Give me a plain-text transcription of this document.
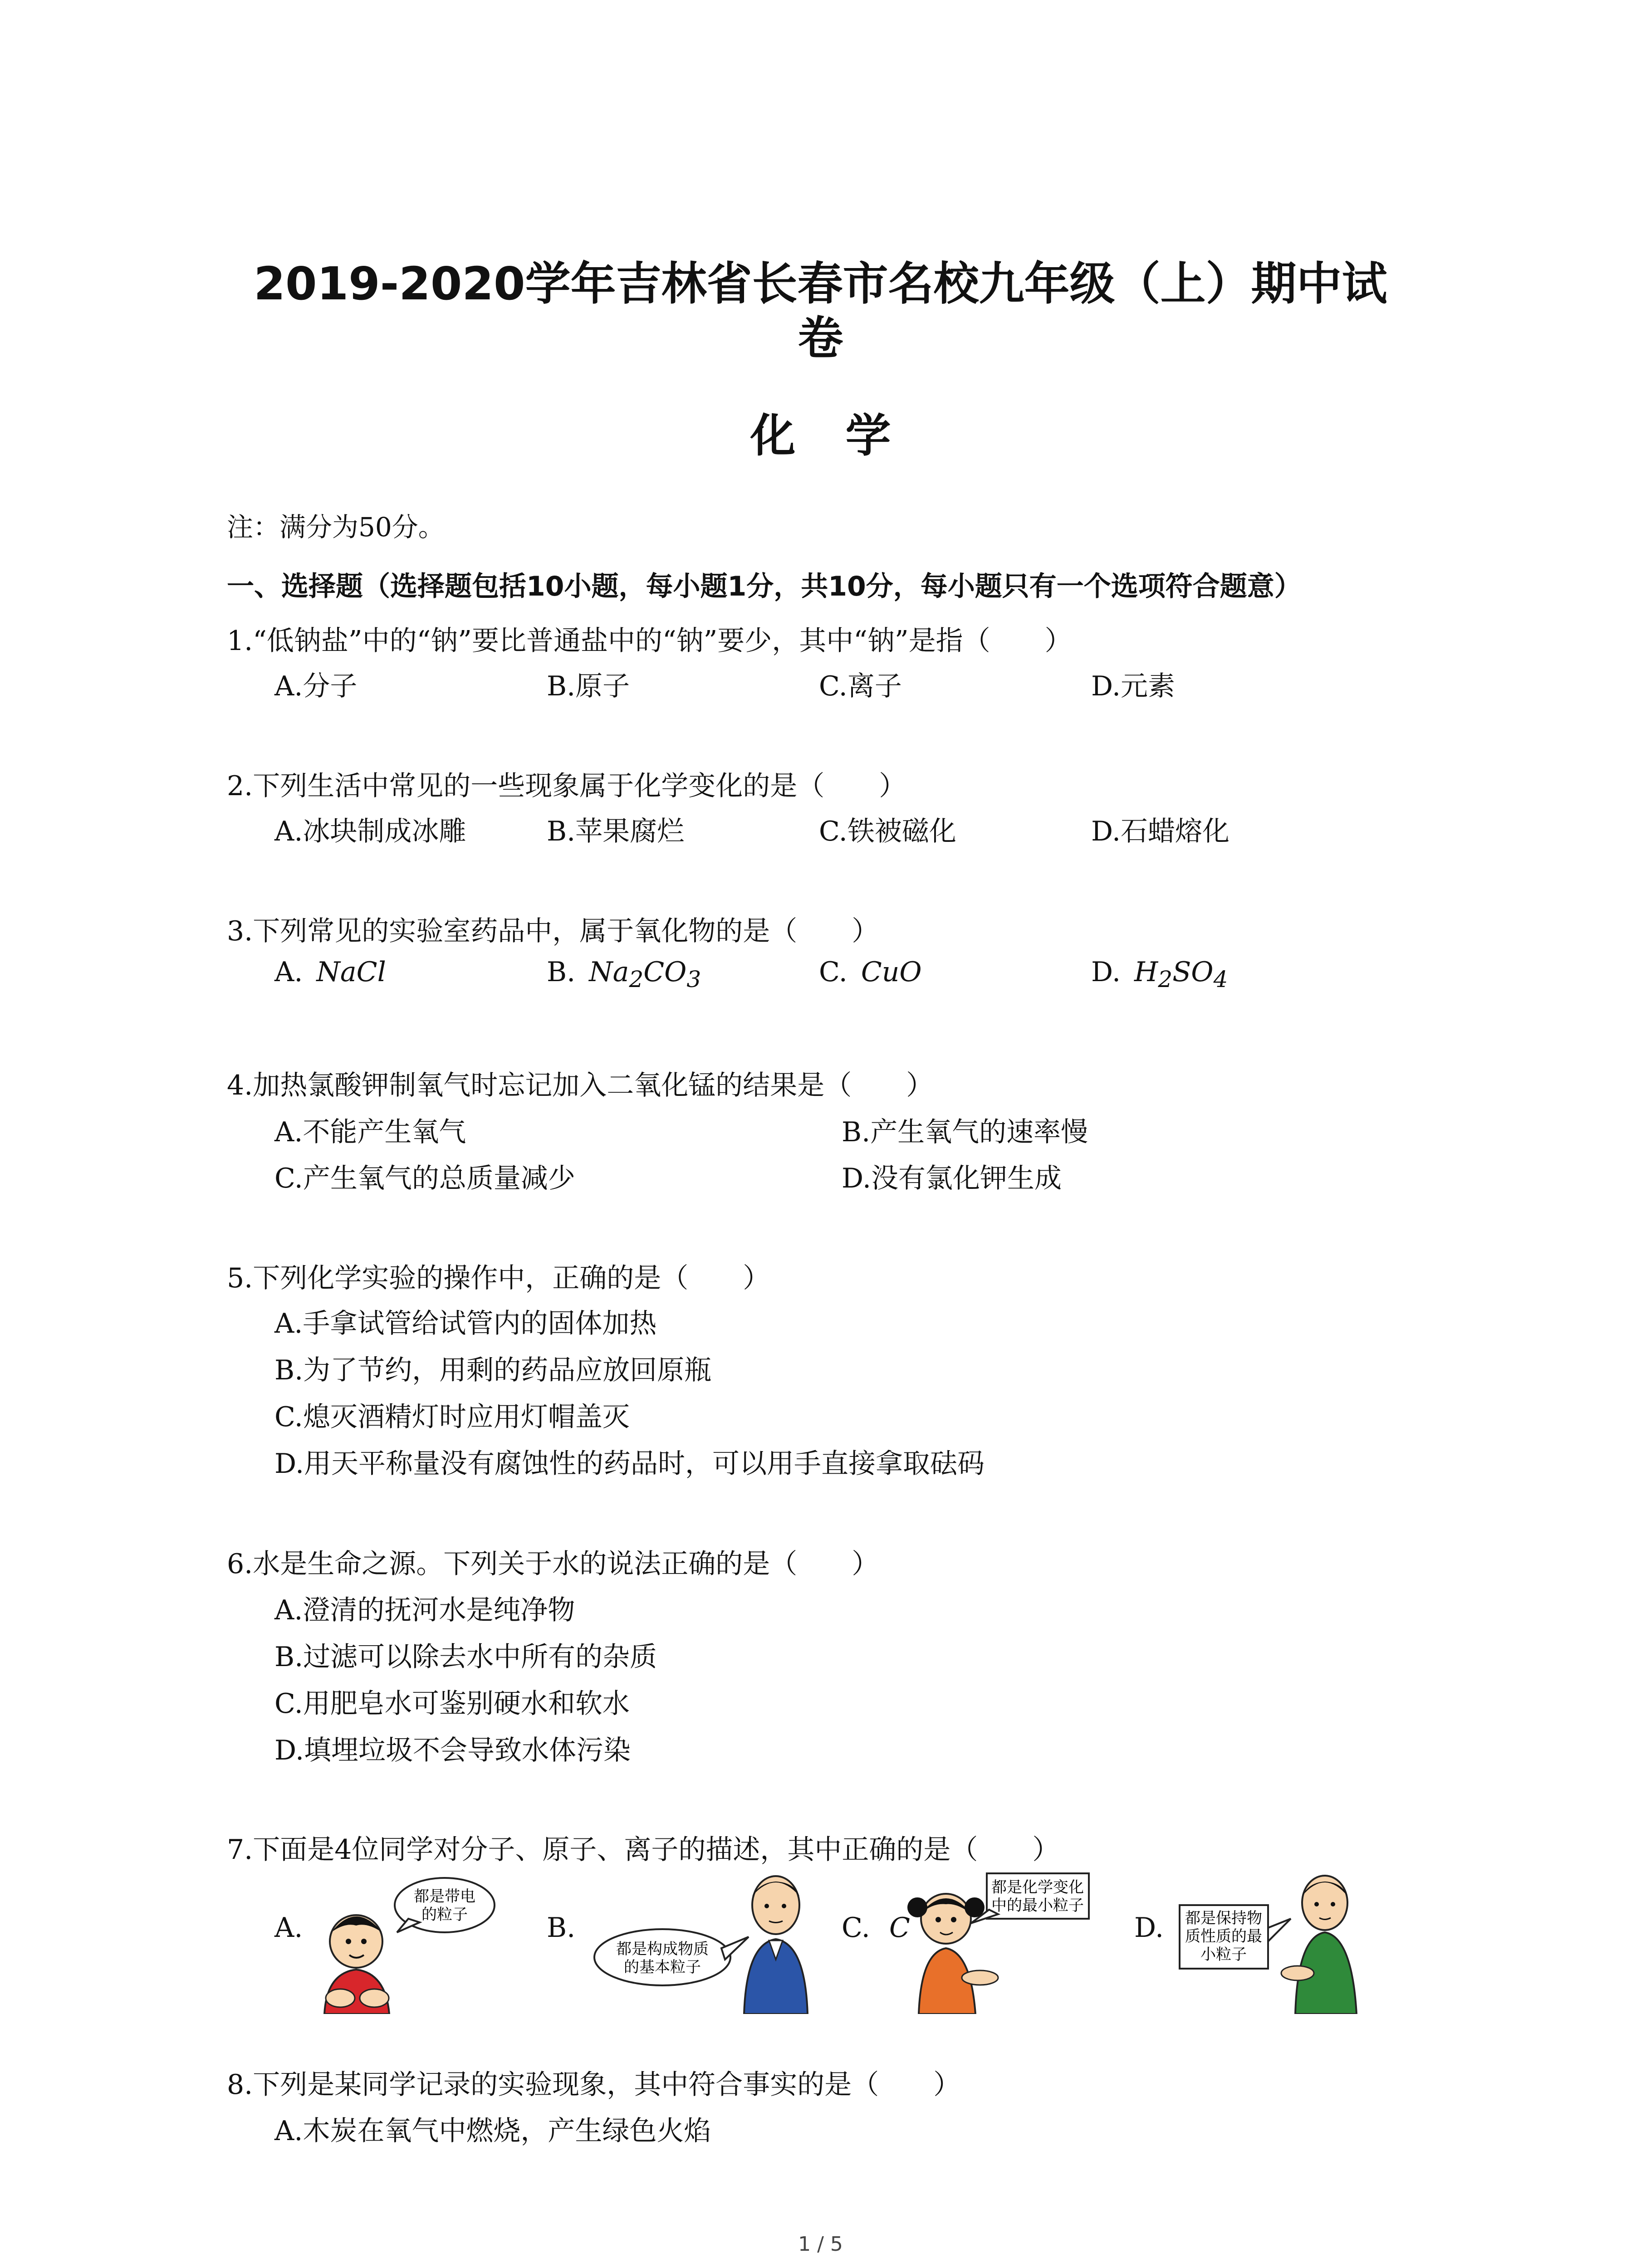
2019-2020学年吉林省长春市名校九年级（上）期中试
卷
化学
注：满分为50分。
一、选择题（选择题包括10小题，每小题1分，共10分，每小题只有一个选项符合题意）
1.“低钠盐”中的“钠”要比普通盐中的“钠”要少，其中“钠”是指（　　）
A.分子	B.原子	C.离子	D.元素
2.下列生活中常见的一些现象属于化学变化的是（　　）
A.冰块制成冰雕	B.苹果腐烂	C.铁被磁化	D.石蜡熔化
3.下列常见的实验室药品中，属于氧化物的是（　　）
A. NaCl	B. $Na_2CO_3$	C. CuO	D. $H_2SO_4$
4.加热氯酸钾制氧气时忘记加入二氧化锰的结果是（　　）
A.不能产生氧气	B.产生氧气的速率慢
C.产生氧气的总质量减少	D.没有氯化钾生成
5.下列化学实验的操作中，正确的是（　　）
A.手拿试管给试管内的固体加热
B.为了节约，用剩的药品应放回原瓶
C.熄灭酒精灯时应用灯帽盖灭
D.用天平称量没有腐蚀性的药品时，可以用手直接拿取砝码
6.水是生命之源。下列关于水的说法正确的是（　　）
A.澄清的抚河水是纯净物
B.过滤可以除去水中所有的杂质
C.用肥皂水可鉴别硬水和软水
D.填埋垃圾不会导致水体污染
7.下面是4位同学对分子、原子、离子的描述，其中正确的是（　　）
A.	B.	C. C	D.
都是带电
的粒子
都是构成物质
的基本粒子
都是化学变化
中的最小粒子
都是保持物
质性质的最
小粒子
8.下列是某同学记录的实验现象，其中符合事实的是（　　）
A.木炭在氧气中燃烧，产生绿色火焰
1 / 5
